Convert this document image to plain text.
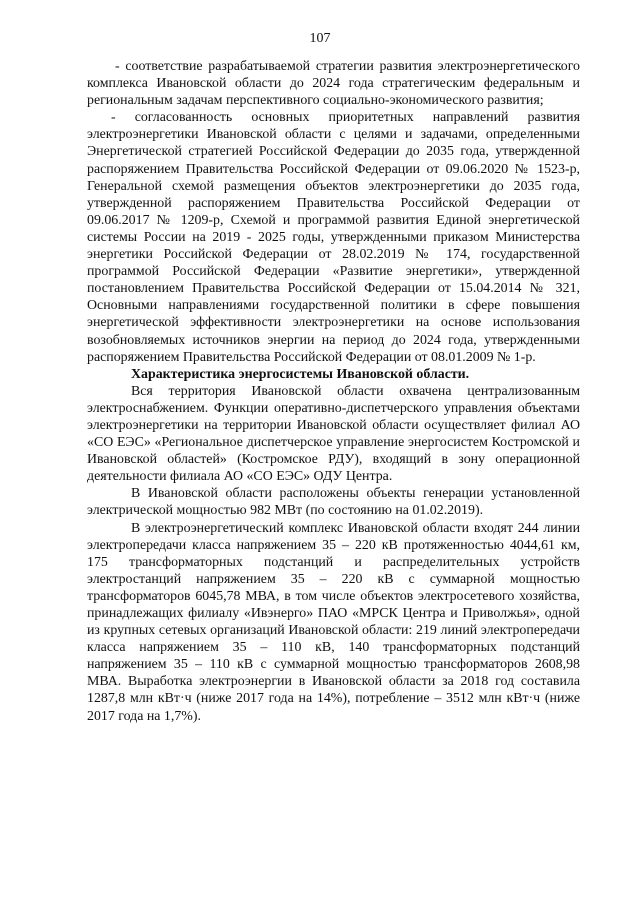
107

- соответствие разрабатываемой стратегии развития электроэнергетического комплекса Ивановской области до 2024 года стратегическим федеральным и региональным задачам перспективного социально-экономического развития;

- согласованность основных приоритетных направлений развития электроэнергетики Ивановской области с целями и задачами, определенными Энергетической стратегией Российской Федерации до 2035 года, утвержденной распоряжением Правительства Российской Федерации от 09.06.2020 № 1523-р, Генеральной схемой размещения объектов электроэнергетики до 2035 года, утвержденной распоряжением Правительства Российской Федерации от 09.06.2017 № 1209-р, Схемой и программой развития Единой энергетической системы России на 2019 - 2025 годы, утвержденными приказом Министерства энергетики Российской Федерации от 28.02.2019 № 174, государственной программой Российской Федерации «Развитие энергетики», утвержденной постановлением Правительства Российской Федерации от 15.04.2014 № 321, Основными направлениями государственной политики в сфере повышения энергетической эффективности электроэнергетики на основе использования возобновляемых источников энергии на период до 2024 года, утвержденными распоряжением Правительства Российской Федерации от 08.01.2009 № 1-р.

Характеристика энергосистемы Ивановской области.

Вся территория Ивановской области охвачена централизованным электроснабжением. Функции оперативно-диспетчерского управления объектами электроэнергетики на территории Ивановской области осуществляет филиал АО «СО ЕЭС» «Региональное диспетчерское управление энергосистем Костромской и Ивановской областей» (Костромское РДУ), входящий в зону операционной деятельности филиала АО «СО ЕЭС» ОДУ Центра.

В Ивановской области расположены объекты генерации установленной электрической мощностью 982 МВт (по состоянию на 01.02.2019).

В электроэнергетический комплекс Ивановской области входят 244 линии электропередачи класса напряжением 35 – 220 кВ протяженностью 4044,61 км, 175 трансформаторных подстанций и распределительных устройств электростанций напряжением 35 – 220 кВ с суммарной мощностью трансформаторов 6045,78 МВА, в том числе объектов электросетевого хозяйства, принадлежащих филиалу «Ивэнерго» ПАО «МРСК Центра и Приволжья», одной из крупных сетевых организаций Ивановской области: 219 линий электропередачи класса напряжением 35 – 110 кВ, 140 трансформаторных подстанций напряжением 35 – 110 кВ с суммарной мощностью трансформаторов 2608,98 МВА. Выработка электроэнергии в Ивановской области за 2018 год составила 1287,8 млн кВт·ч (ниже 2017 года на 14%), потребление – 3512 млн кВт·ч (ниже 2017 года на 1,7%).
